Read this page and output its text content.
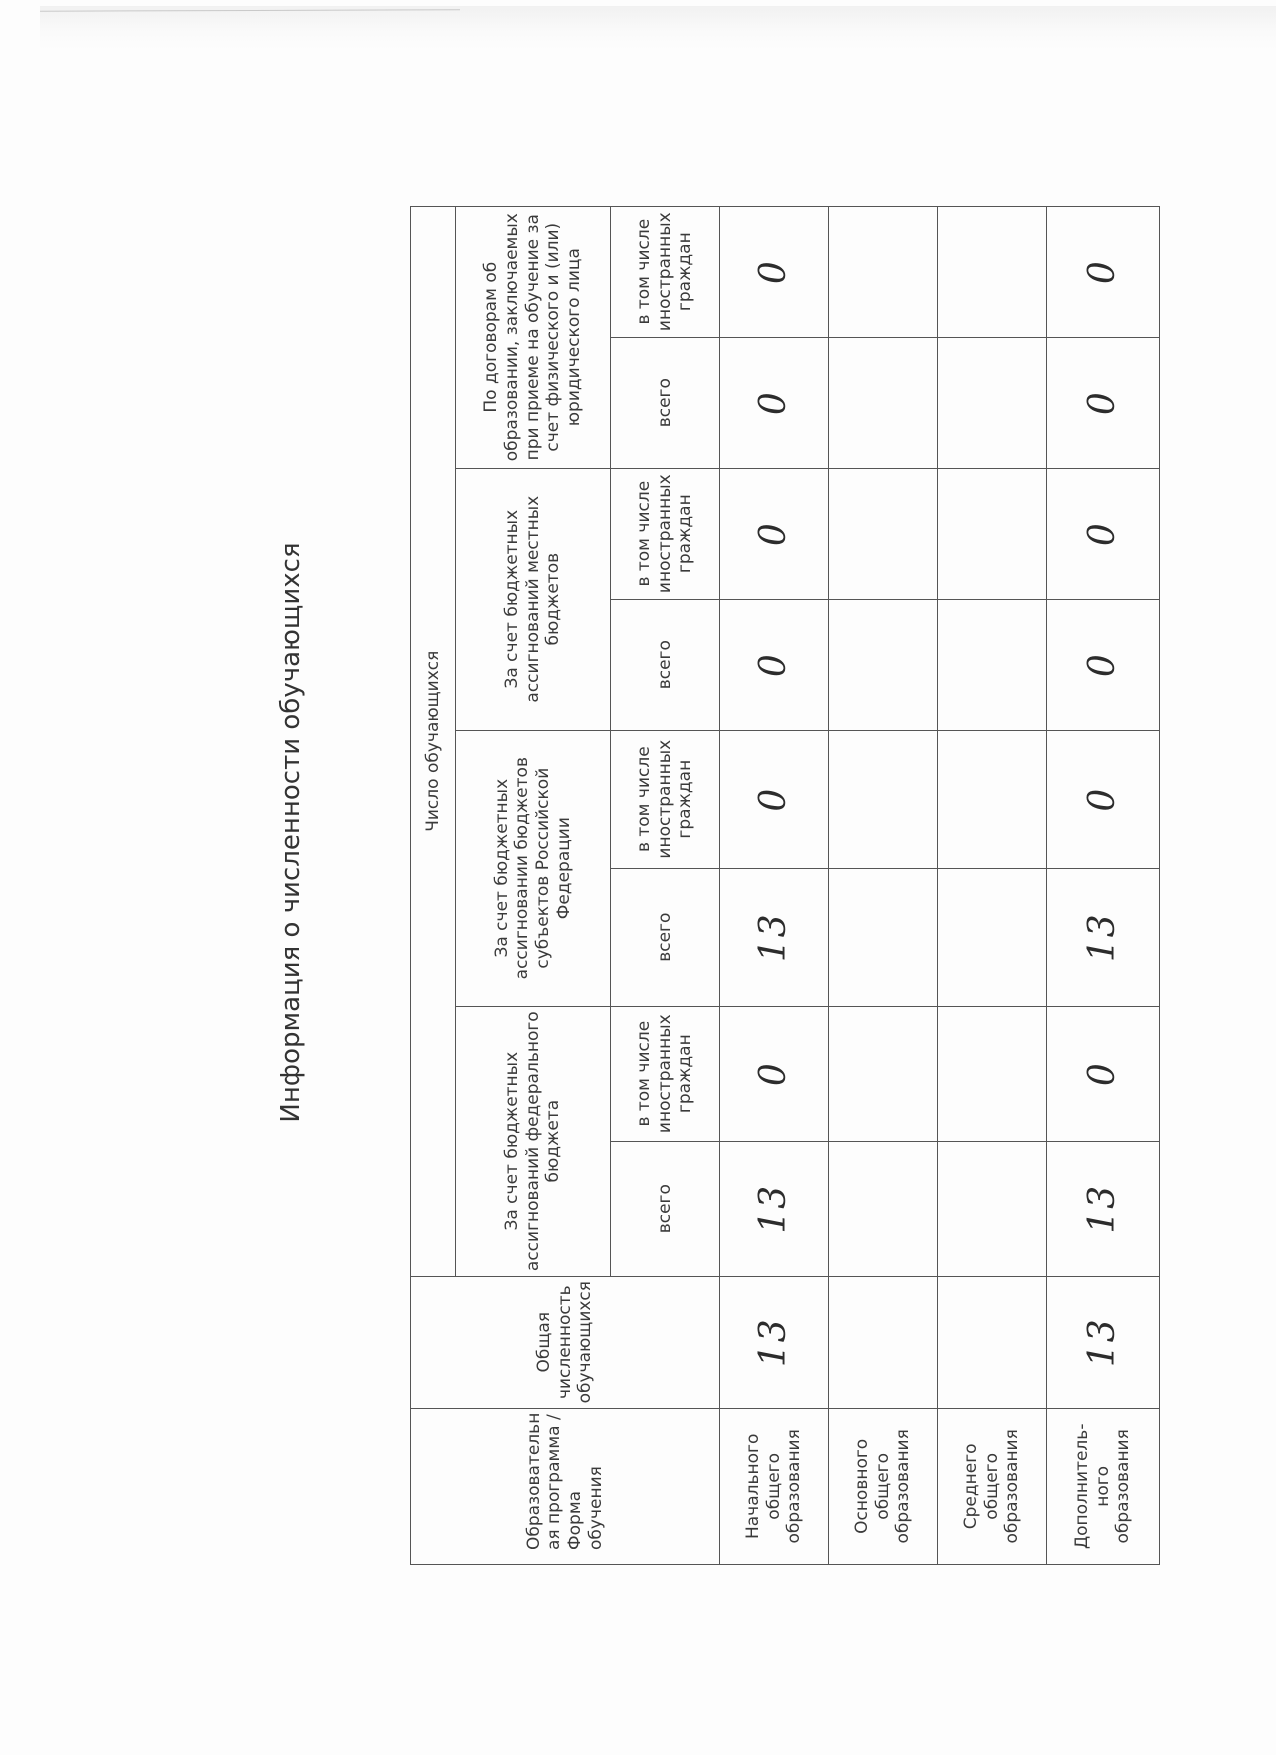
Информация о численности обучающихся
Образовательн ая программа / Форма обучения	Общая численность обучающихся	Число обучающихся							
		За счет бюджетных ассигнований федерального бюджета		За счет бюджетных ассигновании бюджетов субъектов Российской Федерации		За счет бюджетных ассигнований местных бюджетов		По договорам об образовании, заключаемых при приеме на обучение за счет физического и (или) юридического лица	
		всего	в том числе иностранных граждан	всего	в том числе иностранных граждан	всего	в том числе иностранных граждан	всего	в том числе иностранных граждан
Начального общего образования	13	13	0	13	0	0	0	0	0
Основного общего образования									
Среднего общего образования									
Дополнитель-ного образования	13	13	0	13	0	0	0	0	0
